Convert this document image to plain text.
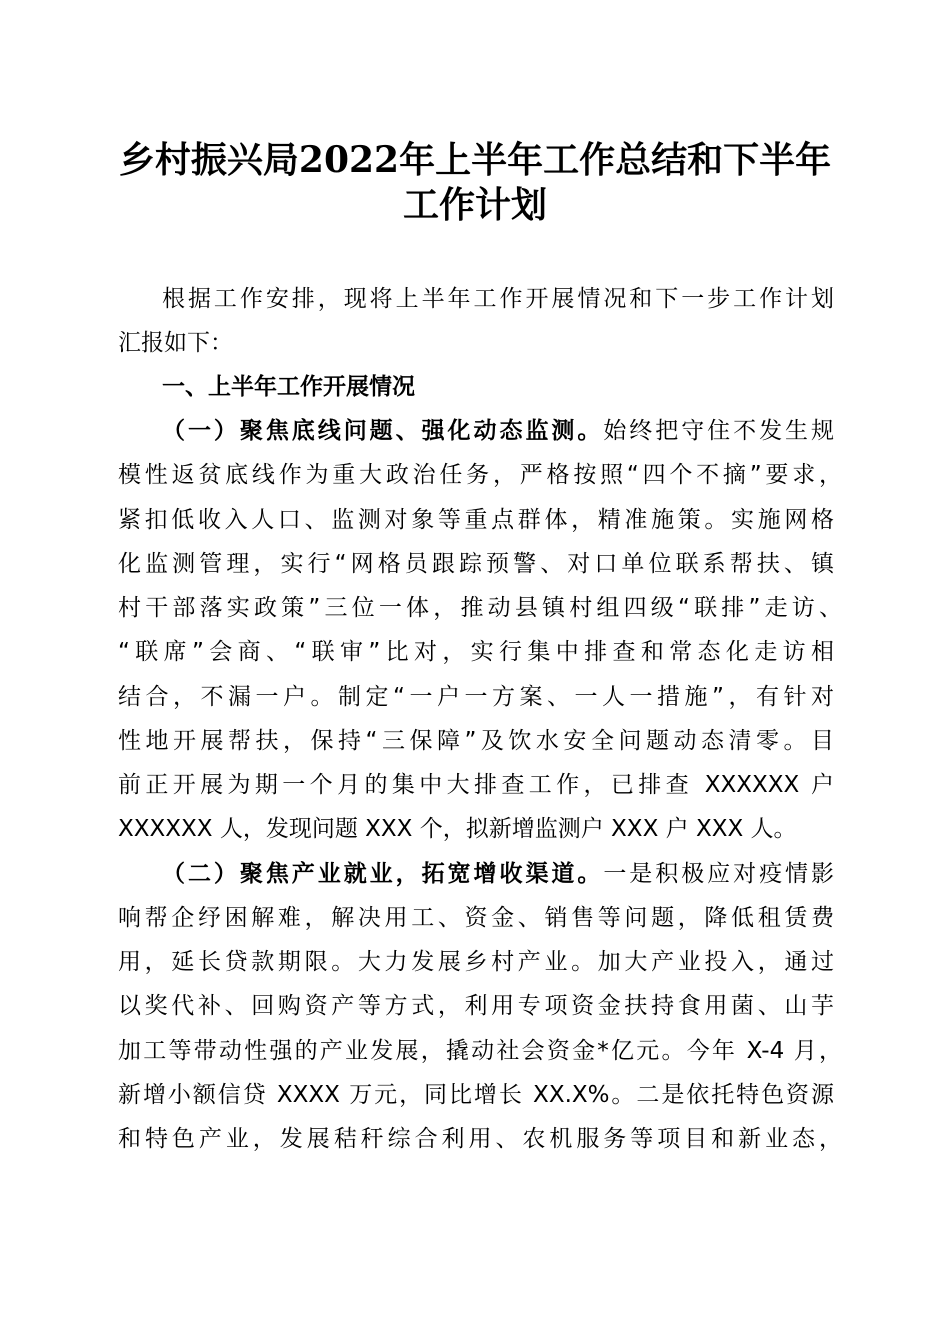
乡村振兴局2022年上半年工作总结和下半年
工作计划
根据工作安排，现将上半年工作开展情况和下一步工作计划
汇报如下：
一、上半年工作开展情况
（一）聚焦底线问题、强化动态监测。始终把守住不发生规
模性返贫底线作为重大政治任务，严格按照“四个不摘”要求，
紧扣低收入人口、监测对象等重点群体，精准施策。实施网格
化监测管理，实行“网格员跟踪预警、对口单位联系帮扶、镇
村干部落实政策”三位一体，推动县镇村组四级“联排”走访、
“联席”会商、“联审”比对，实行集中排查和常态化走访相
结合，不漏一户。制定“一户一方案、一人一措施”，有针对
性地开展帮扶，保持“三保障”及饮水安全问题动态清零。目
前正开展为期一个月的集中大排查工作，已排查 XXXXXX 户
XXXXXX 人，发现问题 XXX 个，拟新增监测户 XXX 户 XXX 人。
（二）聚焦产业就业，拓宽增收渠道。一是积极应对疫情影
响帮企纾困解难，解决用工、资金、销售等问题，降低租赁费
用，延长贷款期限。大力发展乡村产业。加大产业投入，通过
以奖代补、回购资产等方式，利用专项资金扶持食用菌、山芋
加工等带动性强的产业发展，撬动社会资金*亿元。今年 X-4 月，
新增小额信贷 XXXX 万元，同比增长 XX.X%。二是依托特色资源
和特色产业，发展秸秆综合利用、农机服务等项目和新业态，
